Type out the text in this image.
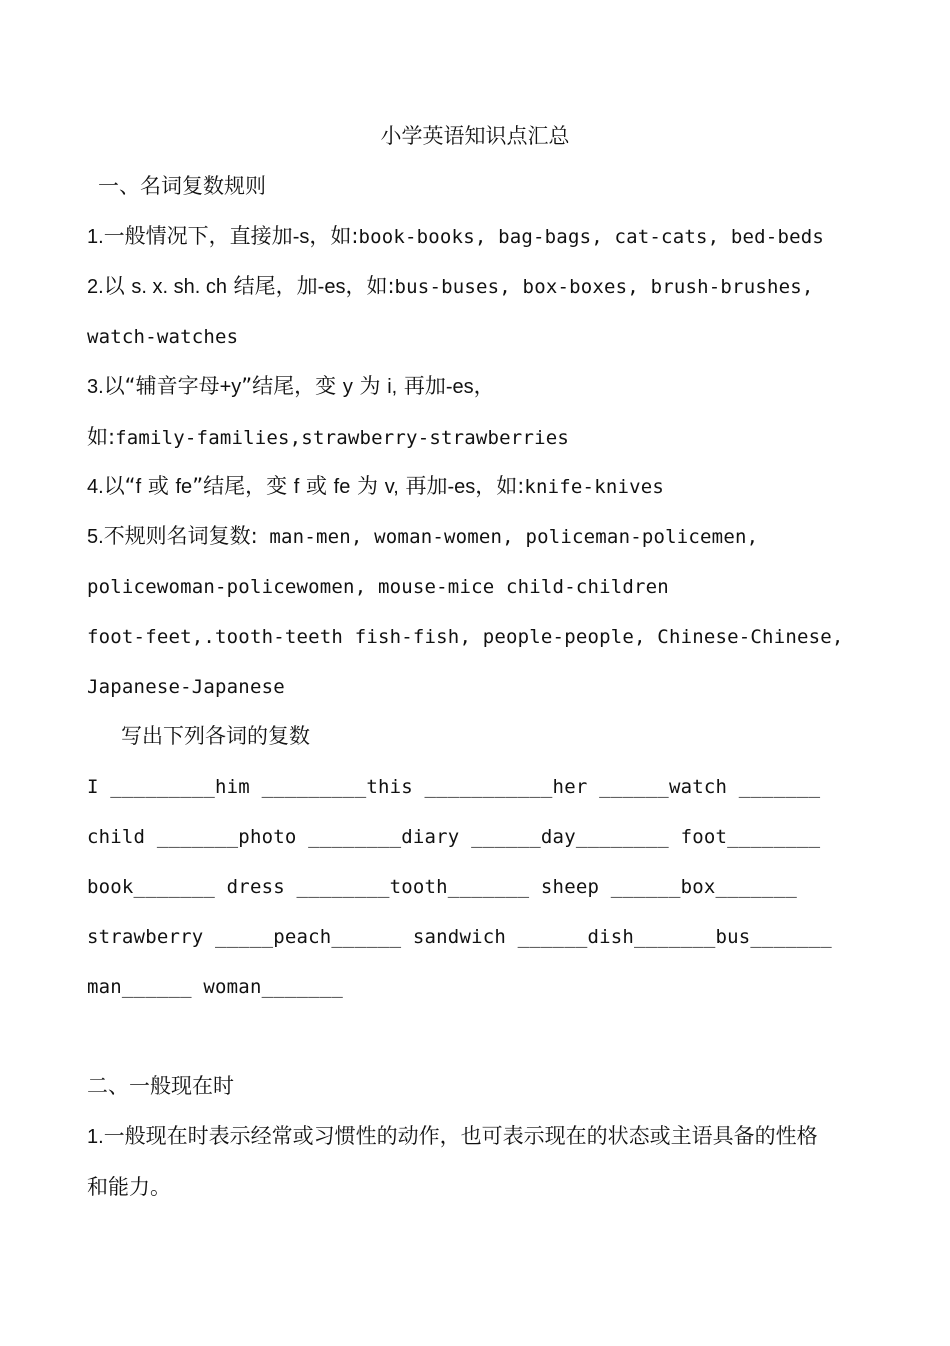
小学英语知识点汇总
一、名词复数规则
1.一般情况下，直接加-s，如:book-books, bag-bags, cat-cats, bed-beds
2.以 s. x. sh. ch 结尾，加-es，如:bus-buses, box-boxes, brush-brushes,
watch-watches
3.以“辅音字母+y”结尾，变 y 为 i, 再加-es，
如:family-families,strawberry-strawberries
4.以“f 或 fe”结尾，变 f 或 fe 为 v, 再加-es，如:knife-knives
5.不规则名词复数: man-men, woman-women, policeman-policemen,
policewoman-policewomen, mouse-mice child-children
foot-feet,.tooth-teeth fish-fish, people-people, Chinese-Chinese,
Japanese-Japanese
写出下列各词的复数
I _________him _________this ___________her ______watch _______
child _______photo ________diary ______day________ foot________
book_______ dress ________tooth_______ sheep ______box_______
strawberry _____peach______ sandwich ______dish_______bus_______
man______ woman_______
二、一般现在时
1.一般现在时表示经常或习惯性的动作，也可表示现在的状态或主语具备的性格
和能力。
